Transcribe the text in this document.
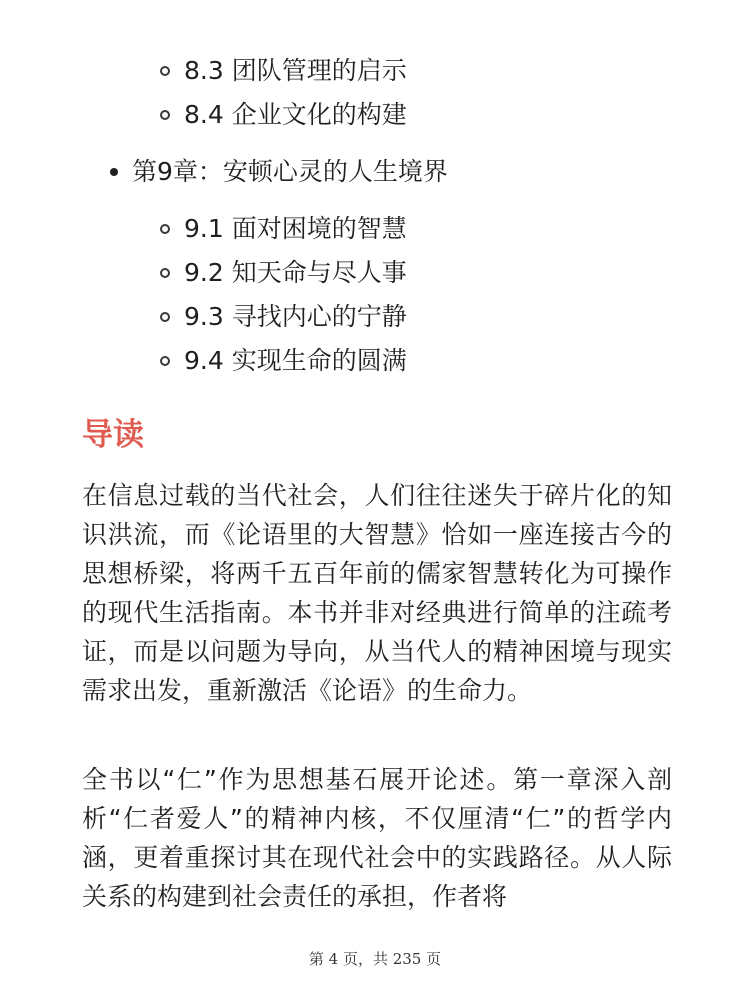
8.3 团队管理的启示
8.4 企业文化的构建
第9章：安顿心灵的人生境界
9.1 面对困境的智慧
9.2 知天命与尽人事
9.3 寻找内心的宁静
9.4 实现生命的圆满
导读

在信息过载的当代社会，人们往往迷失于碎片化的知识洪流，而《论语里的大智慧》恰如一座连接古今的思想桥梁，将两千五百年前的儒家智慧转化为可操作的现代生活指南。本书并非对经典进行简单的注疏考证，而是以问题为导向，从当代人的精神困境与现实需求出发，重新激活《论语》的生命力。

全书以“仁”作为思想基石展开论述。第一章深入剖析“仁者爱人”的精神内核，不仅厘清“仁”的哲学内涵，更着重探讨其在现代社会中的实践路径。从人际关系的构建到社会责任的承担，作者将

第 4 页，共 235 页
